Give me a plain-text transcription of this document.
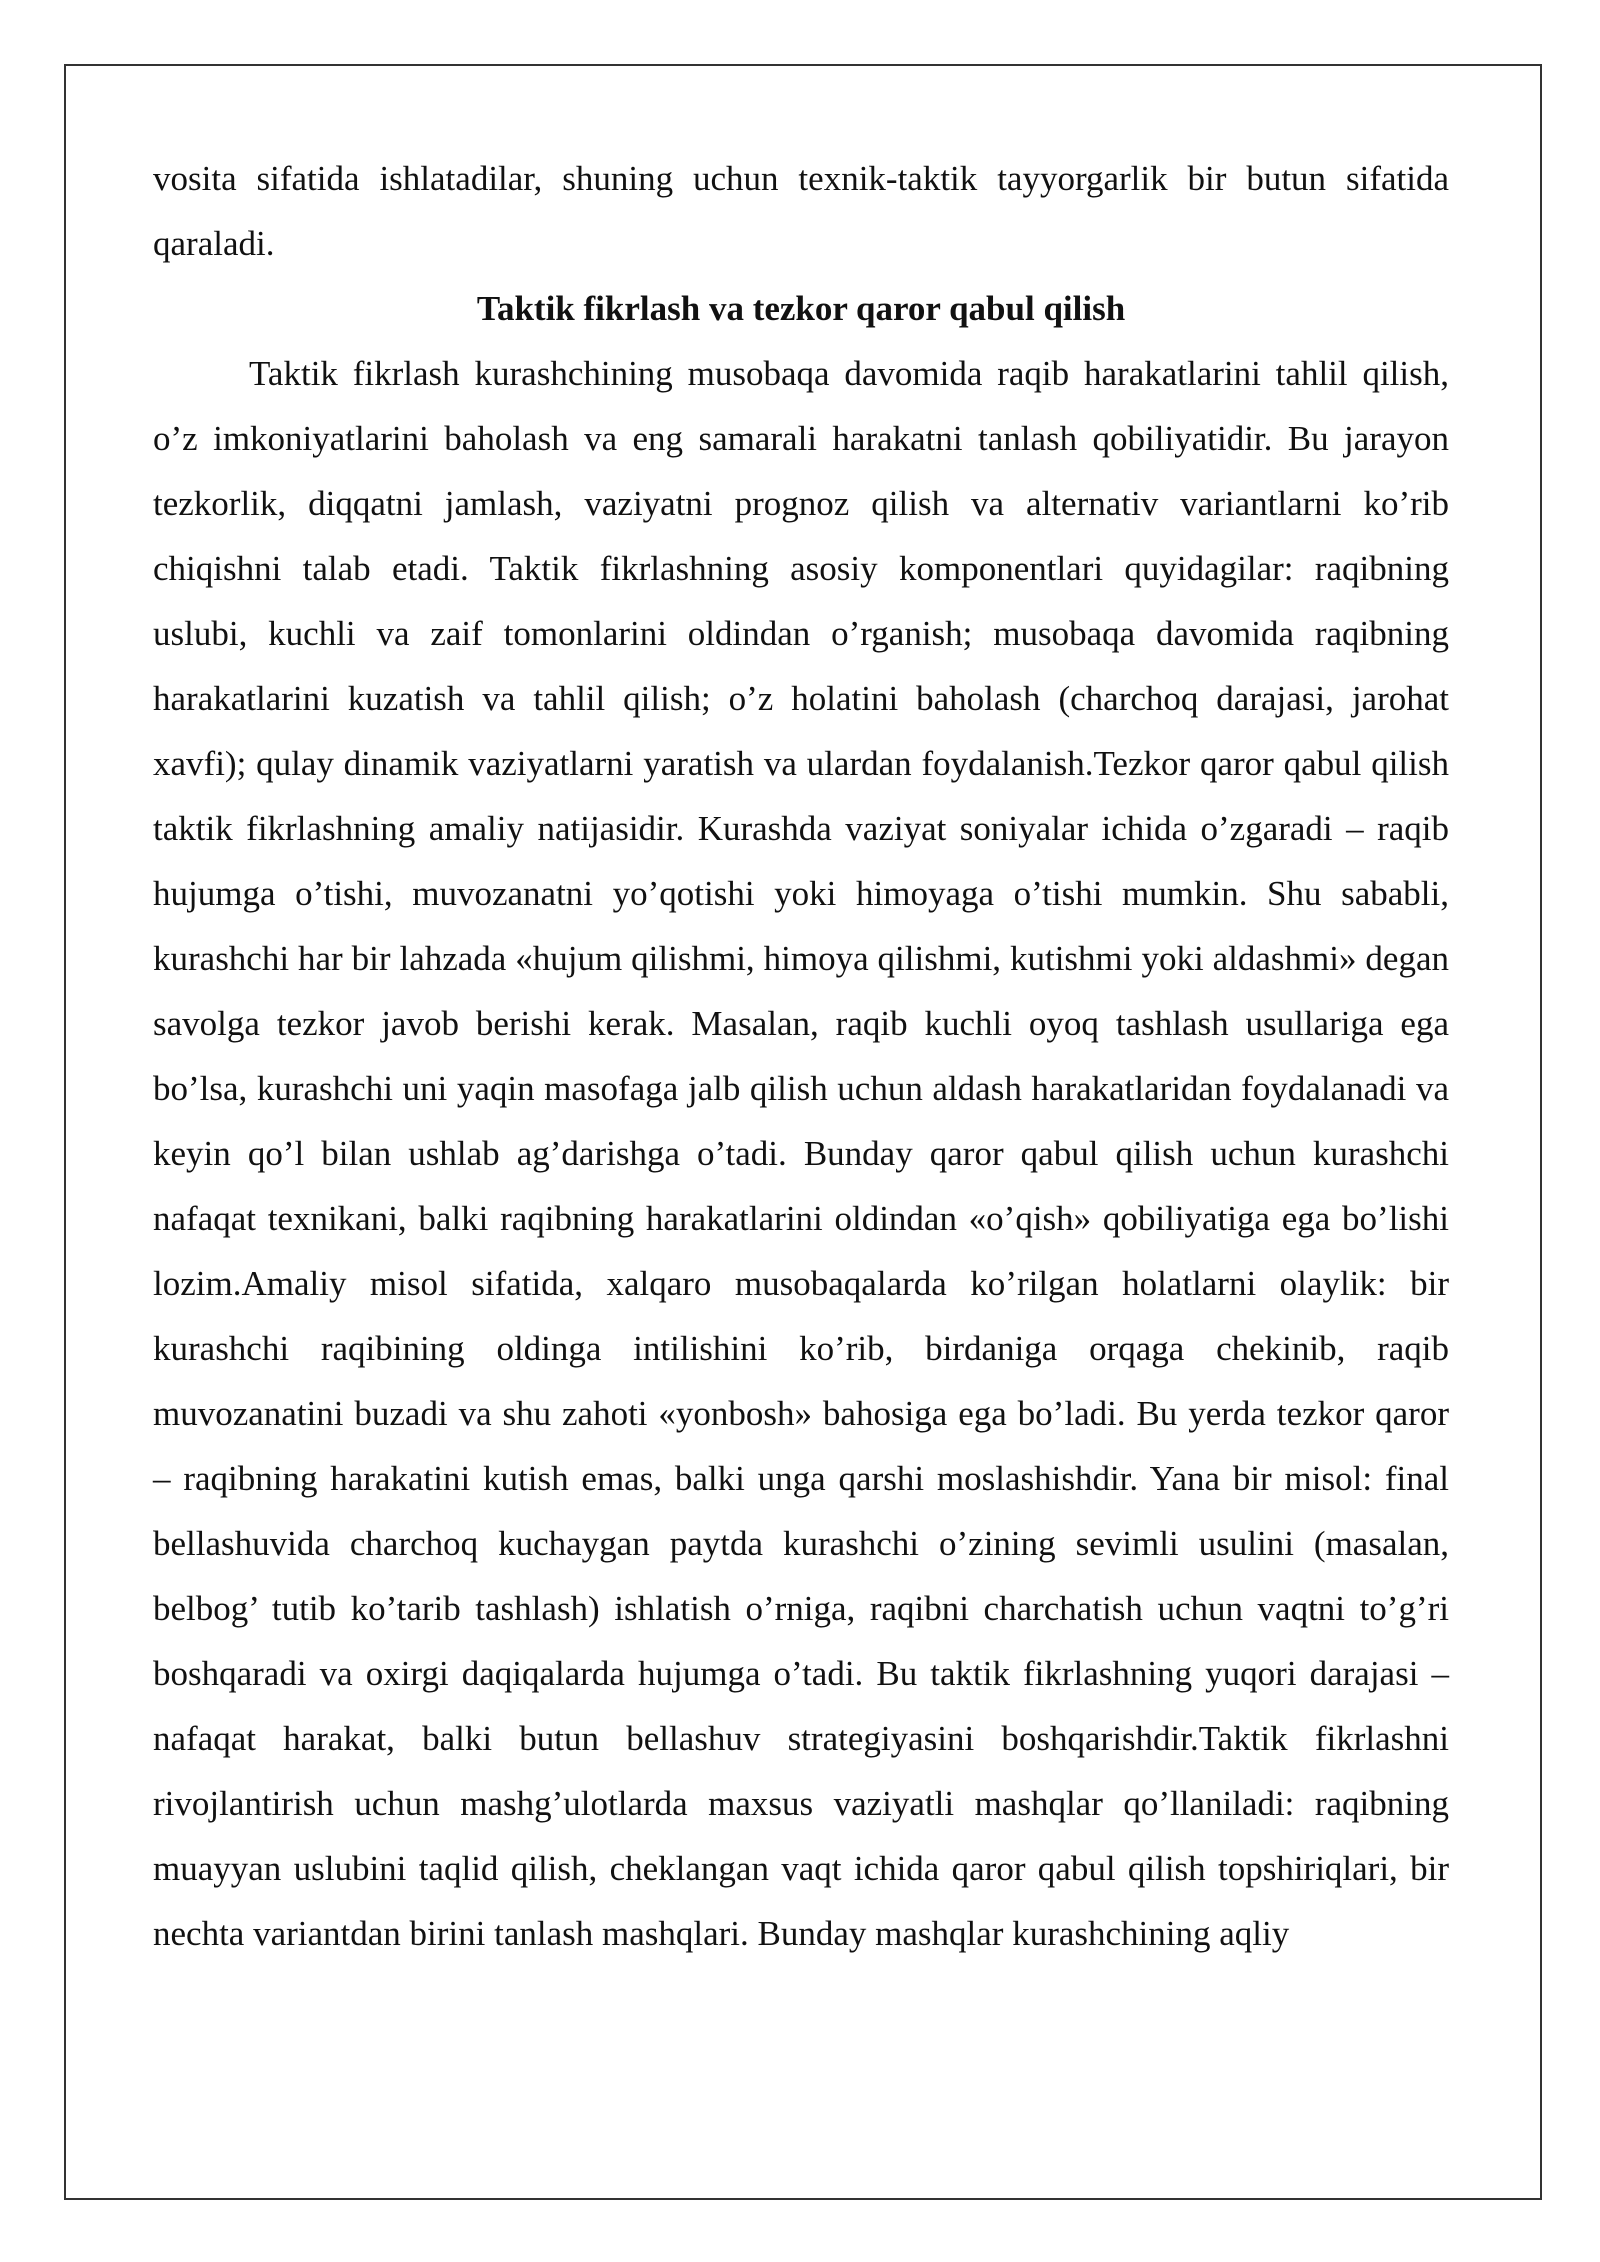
vosita sifatida ishlatadilar, shuning uchun texnik-taktik tayyorgarlik bir butun sifatida qaraladi.

Taktik fikrlash va tezkor qaror qabul qilish

Taktik fikrlash kurashchining musobaqa davomida raqib harakatlarini tahlil qilish, o’z imkoniyatlarini baholash va eng samarali harakatni tanlash qobiliyatidir. Bu jarayon tezkorlik, diqqatni jamlash, vaziyatni prognoz qilish va alternativ variantlarni ko’rib chiqishni talab etadi. Taktik fikrlashning asosiy komponentlari quyidagilar: raqibning uslubi, kuchli va zaif tomonlarini oldindan o’rganish; musobaqa davomida raqibning harakatlarini kuzatish va tahlil qilish; o’z holatini baholash (charchoq darajasi, jarohat xavfi); qulay dinamik vaziyatlarni yaratish va ulardan foydalanish.Tezkor qaror qabul qilish taktik fikrlashning amaliy natijasidir. Kurashda vaziyat soniyalar ichida o’zgaradi – raqib hujumga o’tishi, muvozanatni yo’qotishi yoki himoyaga o’tishi mumkin. Shu sababli, kurashchi har bir lahzada «hujum qilishmi, himoya qilishmi, kutishmi yoki aldashmi» degan savolga tezkor javob berishi kerak. Masalan, raqib kuchli oyoq tashlash usullariga ega bo’lsa, kurashchi uni yaqin masofaga jalb qilish uchun aldash harakatlaridan foydalanadi va keyin qo’l bilan ushlab ag’darishga o’tadi. Bunday qaror qabul qilish uchun kurashchi nafaqat texnikani, balki raqibning harakatlarini oldindan «o’qish» qobiliyatiga ega bo’lishi lozim.Amaliy misol sifatida, xalqaro musobaqalarda ko’rilgan holatlarni olaylik: bir kurashchi raqibining oldinga intilishini ko’rib, birdaniga orqaga chekinib, raqib muvozanatini buzadi va shu zahoti «yonbosh» bahosiga ega bo’ladi. Bu yerda tezkor qaror – raqibning harakatini kutish emas, balki unga qarshi moslashishdir. Yana bir misol: final bellashuvida charchoq kuchaygan paytda kurashchi o’zining sevimli usulini (masalan, belbog’ tutib ko’tarib tashlash) ishlatish o’rniga, raqibni charchatish uchun vaqtni to’g’ri boshqaradi va oxirgi daqiqalarda hujumga o’tadi. Bu taktik fikrlashning yuqori darajasi – nafaqat harakat, balki butun bellashuv strategiyasini boshqarishdir.Taktik fikrlashni rivojlantirish uchun mashg’ulotlarda maxsus vaziyatli mashqlar qo’llaniladi: raqibning muayyan uslubini taqlid qilish, cheklangan vaqt ichida qaror qabul qilish topshiriqlari, bir nechta variantdan birini tanlash mashqlari. Bunday mashqlar kurashchining aqliy
